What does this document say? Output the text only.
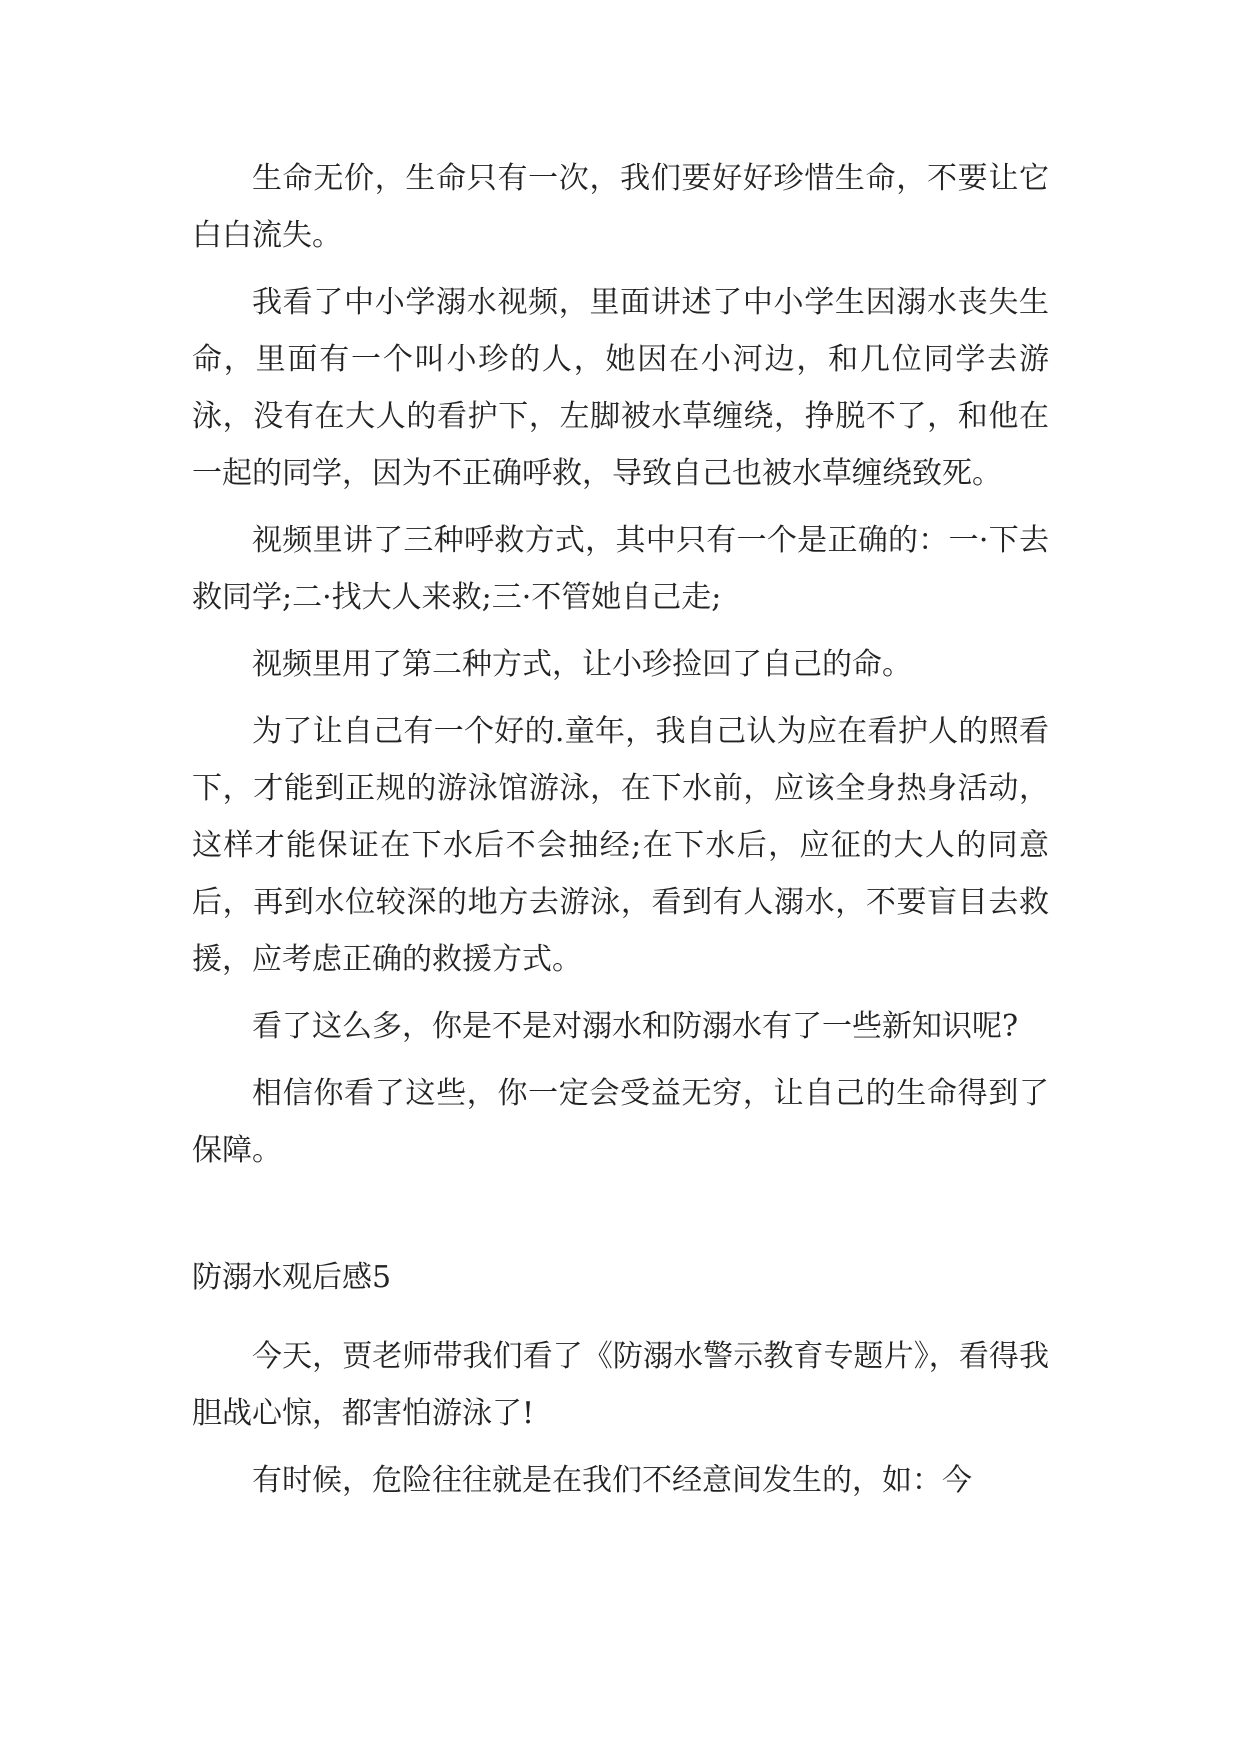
生命无价，生命只有一次，我们要好好珍惜生命，不要让它白白流失。

我看了中小学溺水视频，里面讲述了中小学生因溺水丧失生命，里面有一个叫小珍的人，她因在小河边，和几位同学去游泳，没有在大人的看护下，左脚被水草缠绕，挣脱不了，和他在一起的同学，因为不正确呼救，导致自己也被水草缠绕致死。

视频里讲了三种呼救方式，其中只有一个是正确的：一·下去救同学;二·找大人来救;三·不管她自己走;

视频里用了第二种方式，让小珍捡回了自己的命。

为了让自己有一个好的.童年，我自己认为应在看护人的照看下，才能到正规的游泳馆游泳，在下水前，应该全身热身活动，这样才能保证在下水后不会抽经;在下水后，应征的大人的同意后，再到水位较深的地方去游泳，看到有人溺水，不要盲目去救援，应考虑正确的救援方式。

看了这么多，你是不是对溺水和防溺水有了一些新知识呢?

相信你看了这些，你一定会受益无穷，让自己的生命得到了保障。

防溺水观后感5

今天，贾老师带我们看了《防溺水警示教育专题片》，看得我胆战心惊，都害怕游泳了!

有时候，危险往往就是在我们不经意间发生的，如：今
